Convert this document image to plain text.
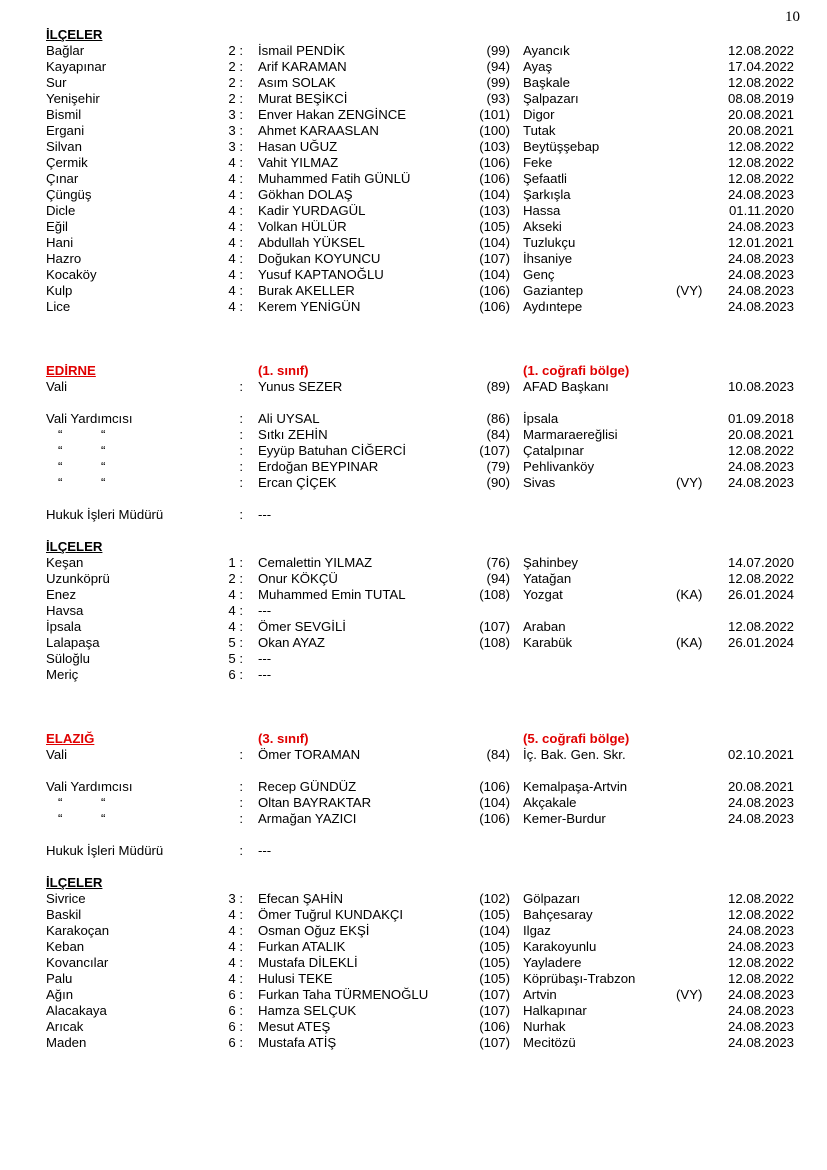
10
İLÇELER
Bağlar	2 : İsmail PENDİK	(99) Ayancık	12.08.2022
Kayapınar	2 : Arif KARAMAN	(94) Ayaş	17.04.2022
Sur	2 : Asım SOLAK	(99) Başkale	12.08.2022
Yenişehir	2 : Murat BEŞİKCİ	(93) Şalpazarı	08.08.2019
Bismil	3 : Enver Hakan ZENGİNCE	(101) Digor	20.08.2021
Ergani	3 : Ahmet KARAASLAN	(100) Tutak	20.08.2021
Silvan	3 : Hasan UĞUZ	(103) Beytüşşebap	12.08.2022
Çermik	4 : Vahit YILMAZ	(106) Feke	12.08.2022
Çınar	4 : Muhammed Fatih GÜNLÜ	(106) Şefaatli	12.08.2022
Çüngüş	4 : Gökhan DOLAŞ	(104) Şarkışla	24.08.2023
Dicle	4 : Kadir YURDAGÜL	(103) Hassa	01.11.2020
Eğil	4 : Volkan HÜLÜR	(105) Akseki	24.08.2023
Hani	4 : Abdullah YÜKSEL	(104) Tuzlukçu	12.01.2021
Hazro	4 : Doğukan KOYUNCU	(107) İhsaniye	24.08.2023
Kocaköy	4 : Yusuf KAPTANOĞLU	(104) Genç	24.08.2023
Kulp	4 : Burak AKELLER	(106) Gaziantep	(VY)	24.08.2023
Lice	4 : Kerem YENİGÜN	(106) Aydıntepe	24.08.2023
EDİRNE	(1. sınıf)	(1. coğrafi bölge)
Vali	: Yunus SEZER	(89) AFAD Başkanı	10.08.2023
Vali Yardımcısı	: Ali UYSAL	(86) İpsala	01.09.2018
“	“	: Sıtkı ZEHİN	(84) Marmaraereğlisi	20.08.2021
“	“	: Eyyüp Batuhan CİĞERCİ	(107) Çatalpınar	12.08.2022
“	“	: Erdoğan BEYPINAR	(79) Pehlivanköy	24.08.2023
“	“	: Ercan ÇİÇEK	(90) Sivas	(VY)	24.08.2023
Hukuk İşleri Müdürü	: ---
İLÇELER
Keşan	1 : Cemalettin YILMAZ	(76) Şahinbey	14.07.2020
Uzunköprü	2 : Onur KÖKÇÜ	(94) Yatağan	12.08.2022
Enez	4 : Muhammed Emin TUTAL	(108) Yozgat	(KA)	26.01.2024
Havsa	4 : ---
İpsala	4 : Ömer SEVGİLİ	(107) Araban	12.08.2022
Lalapaşa	5 : Okan AYAZ	(108) Karabük	(KA)	26.01.2024
Süloğlu	5 : ---
Meriç	6 : ---
ELAZIĞ	(3. sınıf)	(5. coğrafi bölge)
Vali	: Ömer TORAMAN	(84) İç. Bak. Gen. Skr.	02.10.2021
Vali Yardımcısı	: Recep GÜNDÜZ	(106) Kemalpaşa-Artvin	20.08.2021
“	“	: Oltan BAYRAKTAR	(104) Akçakale	24.08.2023
“	“	: Armağan YAZICI	(106) Kemer-Burdur	24.08.2023
Hukuk İşleri Müdürü	: ---
İLÇELER
Sivrice	3 : Efecan ŞAHİN	(102) Gölpazarı	12.08.2022
Baskil	4 : Ömer Tuğrul KUNDAKÇI	(105) Bahçesaray	12.08.2022
Karakoçan	4 : Osman Oğuz EKŞİ	(104) Ilgaz	24.08.2023
Keban	4 : Furkan ATALIK	(105) Karakoyunlu	24.08.2023
Kovancılar	4 : Mustafa DİLEKLİ	(105) Yayladere	12.08.2022
Palu	4 : Hulusi TEKE	(105) Köprübaşı-Trabzon	12.08.2022
Ağın	6 : Furkan Taha TÜRMENOĞLU	(107) Artvin	(VY)	24.08.2023
Alacakaya	6 : Hamza SELÇUK	(107) Halkapınar	24.08.2023
Arıcak	6 : Mesut ATEŞ	(106) Nurhak	24.08.2023
Maden	6 : Mustafa ATİŞ	(107) Mecitözü	24.08.2023
